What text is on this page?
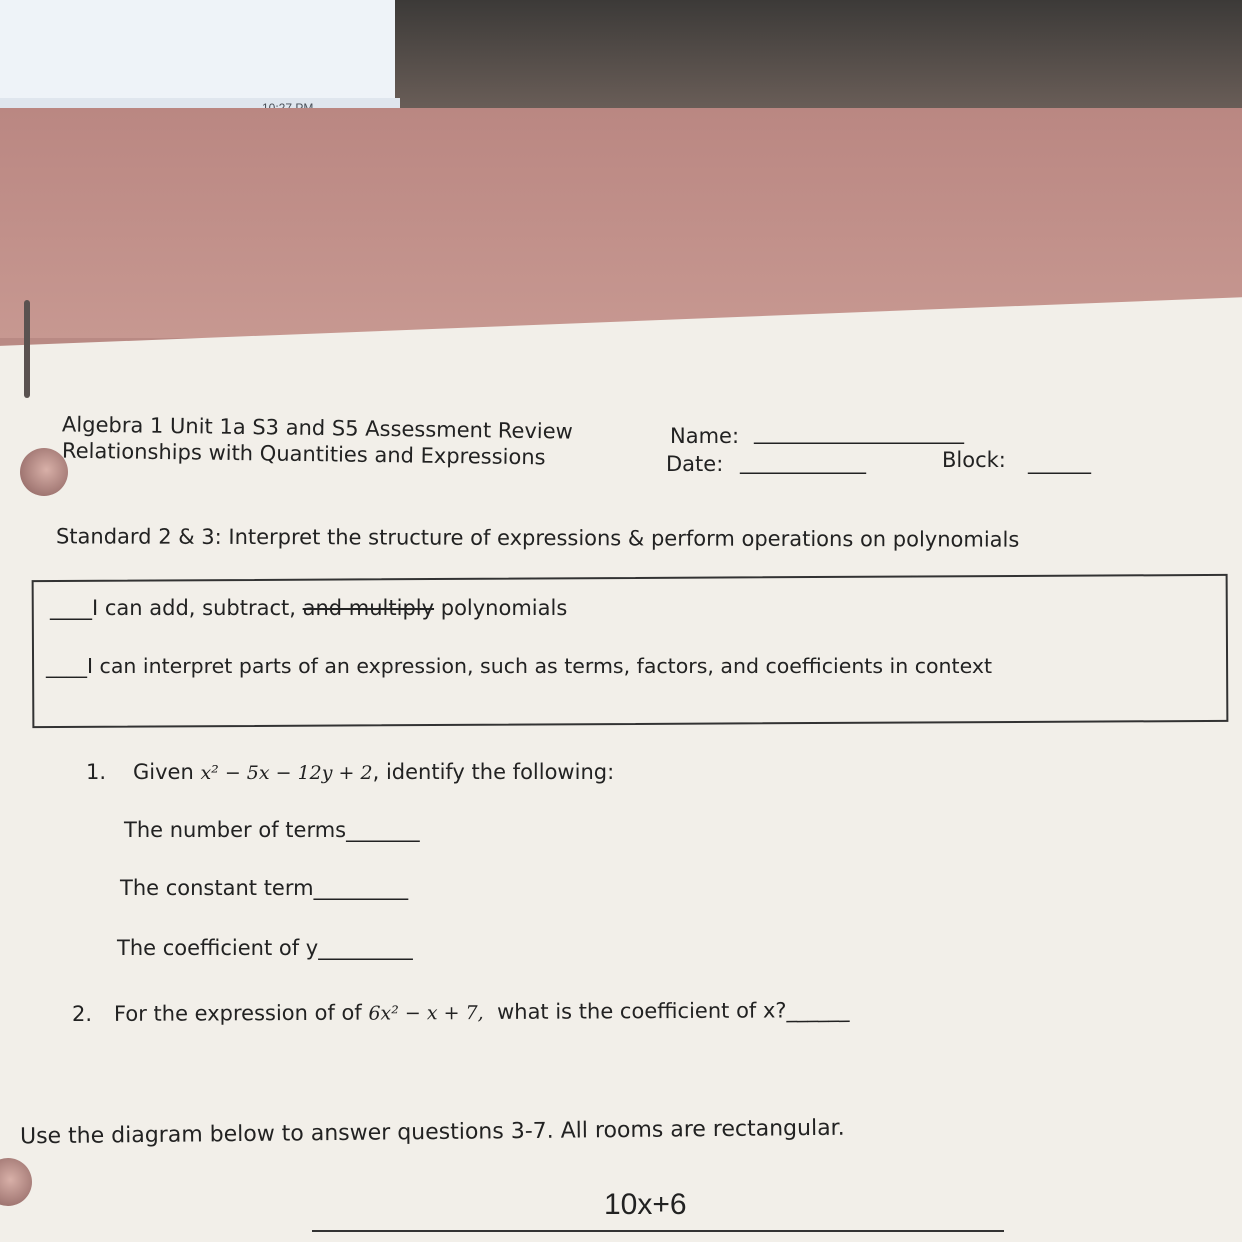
Algebra 1 Unit 1a S3 and S5 Assessment Review
Relationships with Quantities and Expressions
Name: ____________________
Date: ____________	Block: ______
Standard 2 & 3: Interpret the structure of expressions & perform operations on polynomials
____I can add, subtract, and multiply polynomials
____I can interpret parts of an expression, such as terms, factors, and coefficients in context
1. Given x² − 5x − 12y + 2, identify the following:
The number of terms_______
The constant term_________
The coefficient of y_________
2. For the expression of of 6x² − x + 7, what is the coefficient of x?______
Use the diagram below to answer questions 3-7. All rooms are rectangular.
10x+6
